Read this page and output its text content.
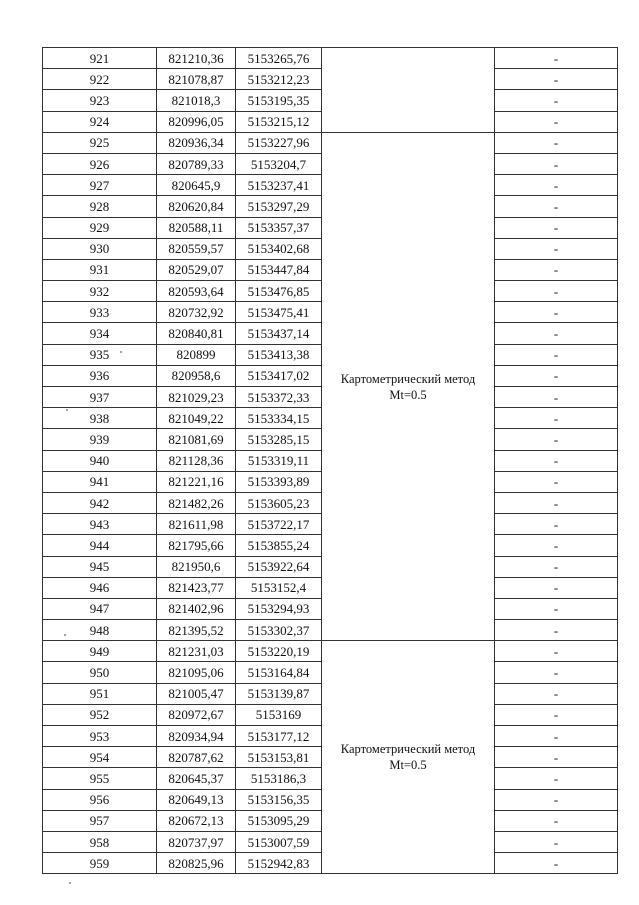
921	821210,36	5153265,76		-
922	821078,87	5153212,23		-
923	821018,3	5153195,35		-
924	820996,05	5153215,12		-
925	820936,34	5153227,96	Картометрический метод Mt=0.5	-
926	820789,33	5153204,7		-
927	820645,9	5153237,41		-
928	820620,84	5153297,29		-
929	820588,11	5153357,37		-
930	820559,57	5153402,68		-
931	820529,07	5153447,84		-
932	820593,64	5153476,85		-
933	820732,92	5153475,41		-
934	820840,81	5153437,14		-
935	820899	5153413,38		-
936	820958,6	5153417,02		-
937	821029,23	5153372,33		-
938	821049,22	5153334,15		-
939	821081,69	5153285,15		-
940	821128,36	5153319,11		-
941	821221,16	5153393,89		-
942	821482,26	5153605,23		-
943	821611,98	5153722,17		-
944	821795,66	5153855,24		-
945	821950,6	5153922,64		-
946	821423,77	5153152,4		-
947	821402,96	5153294,93		-
948	821395,52	5153302,37		-
949	821231,03	5153220,19	Картометрический метод Mt=0.5	-
950	821095,06	5153164,84		-
951	821005,47	5153139,87		-
952	820972,67	5153169		-
953	820934,94	5153177,12		-
954	820787,62	5153153,81		-
955	820645,37	5153186,3		-
956	820649,13	5153156,35		-
957	820672,13	5153095,29		-
958	820737,97	5153007,59		-
959	820825,96	5152942,83		-
